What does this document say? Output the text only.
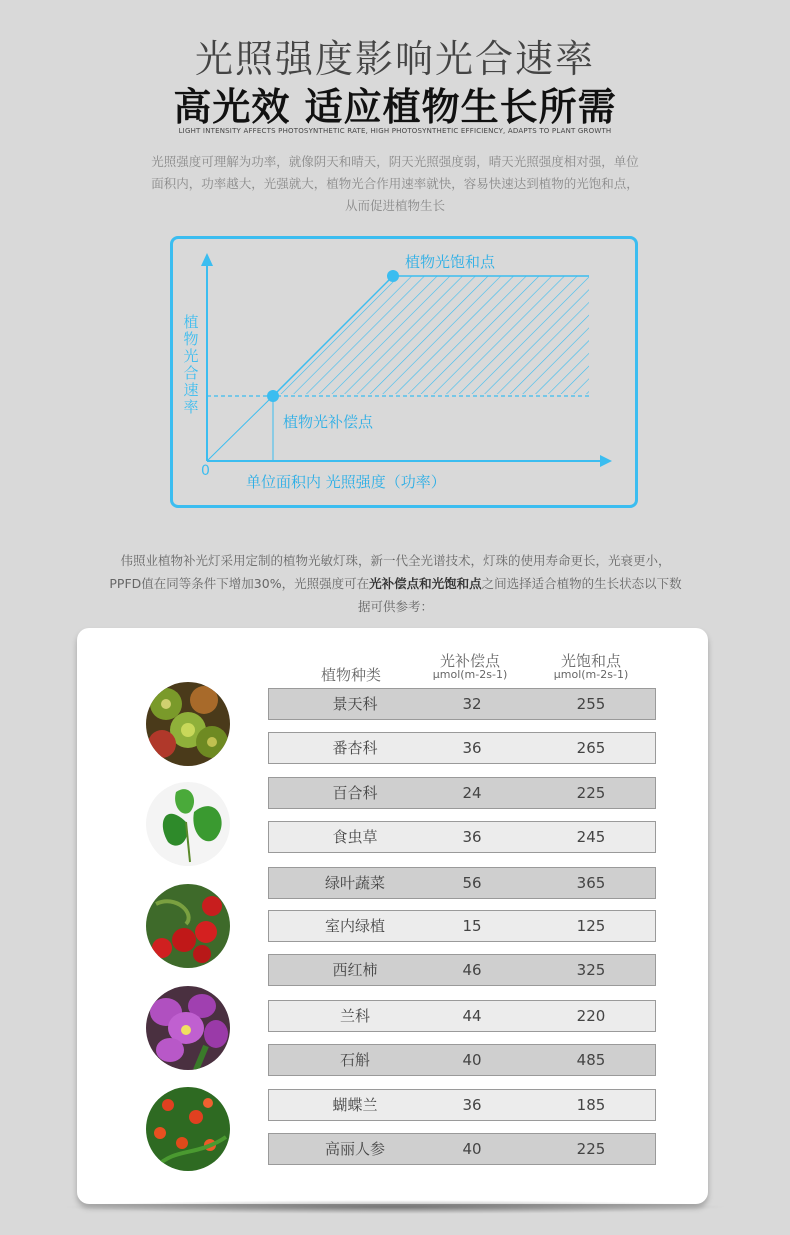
光照强度影响光合速率
高光效 适应植物生长所需
LIGHT INTENSITY AFFECTS PHOTOSYNTHETIC RATE, HIGH PHOTOSYNTHETIC EFFICIENCY, ADAPTS TO PLANT GROWTH
光照强度可理解为功率，就像阴天和晴天，阴天光照强度弱，晴天光照强度相对强，单位面积内，功率越大，光强就大，植物光合作用速率就快，容易快速达到植物的光饱和点，从而促进植物生长
植物光合速率
0
植物光饱和点
植物光补偿点
单位面积内 光照强度（功率）
伟照业植物补光灯采用定制的植物光敏灯珠，新一代全光谱技术，灯珠的使用寿命更长，光衰更小，PPFD值在同等条件下增加30%，光照强度可在光补偿点和光饱和点之间选择适合植物的生长状态以下数据可供参考：
植物种类
光补偿点
μmol(m-2s-1)
光饱和点
μmol(m-2s-1)
景天科	32	255
番杏科	36	265
百合科	24	225
食虫草	36	245
绿叶蔬菜	56	365
室内绿植	15	125
西红柿	46	325
兰科	44	220
石斛	40	485
蝴蝶兰	36	185
高丽人参	40	225
